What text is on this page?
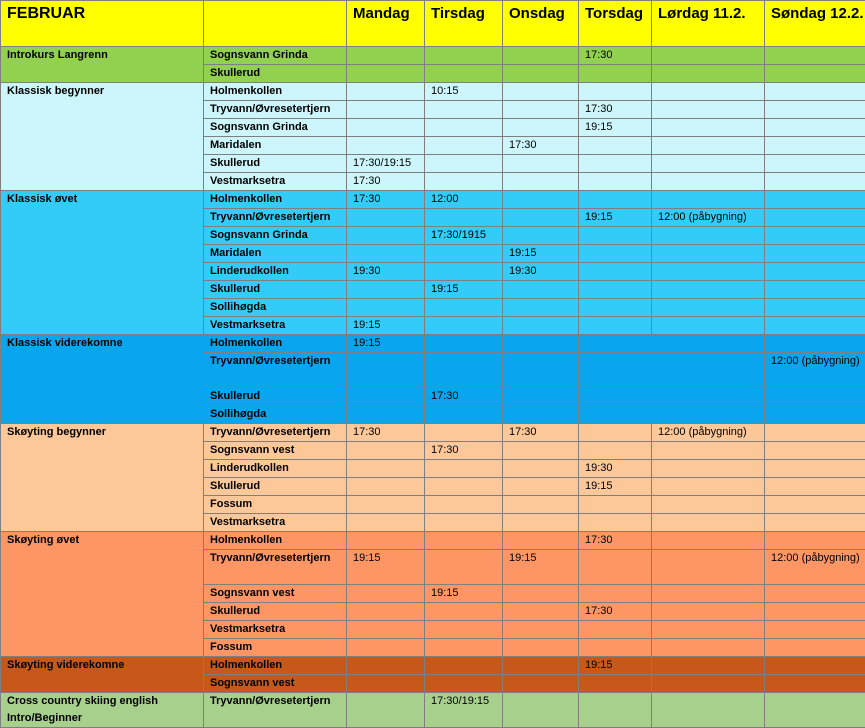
FEBRUAR		Mandag	Tirsdag	Onsdag	Torsdag	Lørdag 11.2.	Søndag 12.2.
Introkurs Langrenn	Sognsvann Grinda				17:30		
	Skullerud						
Klassisk begynner	Holmenkollen		10:15				
	Tryvann/Øvresetertjern				17:30		
	Sognsvann Grinda				19:15		
	Maridalen			17:30			
	Skullerud	17:30/19:15					
	Vestmarksetra	17:30					
Klassisk øvet	Holmenkollen	17:30	12:00				
	Tryvann/Øvresetertjern				19:15	12:00 (påbygning)	
	Sognsvann Grinda		17:30/1915				
	Maridalen			19:15			
	Linderudkollen	19:30		19:30			
	Skullerud		19:15				
	Sollihøgda						
	Vestmarksetra	19:15					
Klassisk viderekomne	Holmenkollen	19:15					
	Tryvann/Øvresetertjern						12:00 (påbygning)
	Skullerud		17:30				
	Sollihøgda						
Skøyting begynner	Tryvann/Øvresetertjern	17:30		17:30		12:00 (påbygning)	
	Sognsvann vest		17:30				
	Linderudkollen				19:30		
	Skullerud				19:15		
	Fossum						
	Vestmarksetra						
Skøyting øvet	Holmenkollen				17:30		
	Tryvann/Øvresetertjern	19:15		19:15			12:00 (påbygning)
	Sognsvann vest		19:15				
	Skullerud				17:30		
	Vestmarksetra						
	Fossum						
Skøyting viderekomne	Holmenkollen				19:15		
	Sognsvann vest						
Cross country skiing english
Intro/Beginner	Tryvann/Øvresetertjern		17:30/19:15				
